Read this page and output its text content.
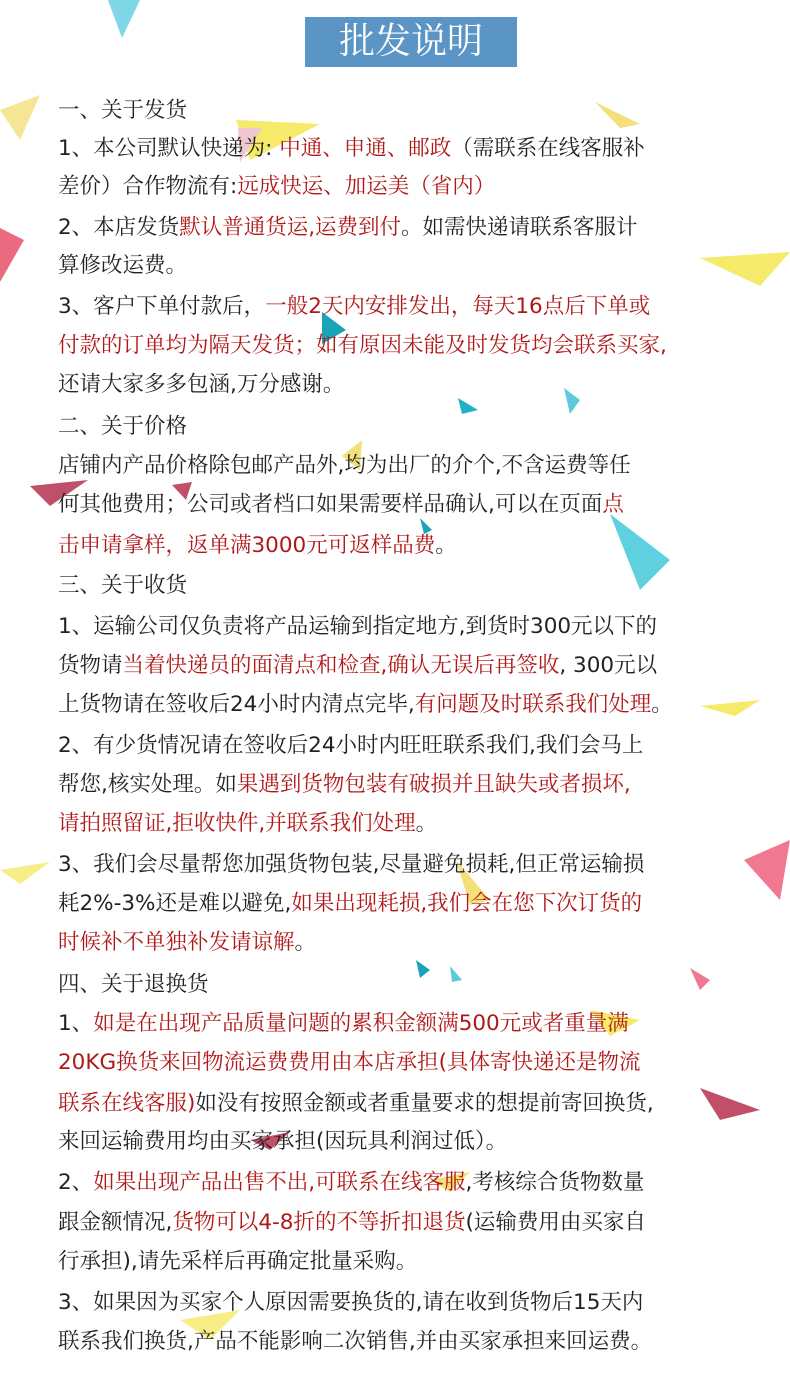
批发说明
一、关于发货
1、本公司默认快递为: 中通、申通、邮政（需联系在线客服补
差价）合作物流有:远成快运、加运美（省内）
2、本店发货默认普通货运,运费到付。如需快递请联系客服计
算修改运费。
3、客户下单付款后，一般2天内安排发出，每天16点后下单或
付款的订单均为隔天发货；如有原因未能及时发货均会联系买家,
还请大家多多包涵,万分感谢。
二、关于价格
店铺内产品价格除包邮产品外,均为出厂的介个,不含运费等任
何其他费用；公司或者档口如果需要样品确认,可以在页面点
击申请拿样，返单满3000元可返样品费。
三、关于收货
1、运输公司仅负责将产品运输到指定地方,到货时300元以下的
货物请当着快递员的面清点和检查,确认无误后再签收, 300元以
上货物请在签收后24小时内清点完毕,有问题及时联系我们处理。
2、有少货情况请在签收后24小时内旺旺联系我们,我们会马上
帮您,核实处理。如果遇到货物包装有破损并且缺失或者损坏,
请拍照留证,拒收快件,并联系我们处理。
3、我们会尽量帮您加强货物包装,尽量避免损耗,但正常运输损
耗2%-3%还是难以避免,如果出现耗损,我们会在您下次订货的
时候补不单独补发请谅解。
四、关于退换货
1、如是在出现产品质量问题的累积金额满500元或者重量满
20KG换货来回物流运费费用由本店承担(具体寄快递还是物流
联系在线客服)如没有按照金额或者重量要求的想提前寄回换货,
来回运输费用均由买家承担(因玩具利润过低）。
2、如果出现产品出售不出,可联系在线客服,考核综合货物数量
跟金额情况,货物可以4-8折的不等折扣退货(运输费用由买家自
行承担),请先采样后再确定批量采购。
3、如果因为买家个人原因需要换货的,请在收到货物后15天内
联系我们换货,产品不能影响二次销售,并由买家承担来回运费。
